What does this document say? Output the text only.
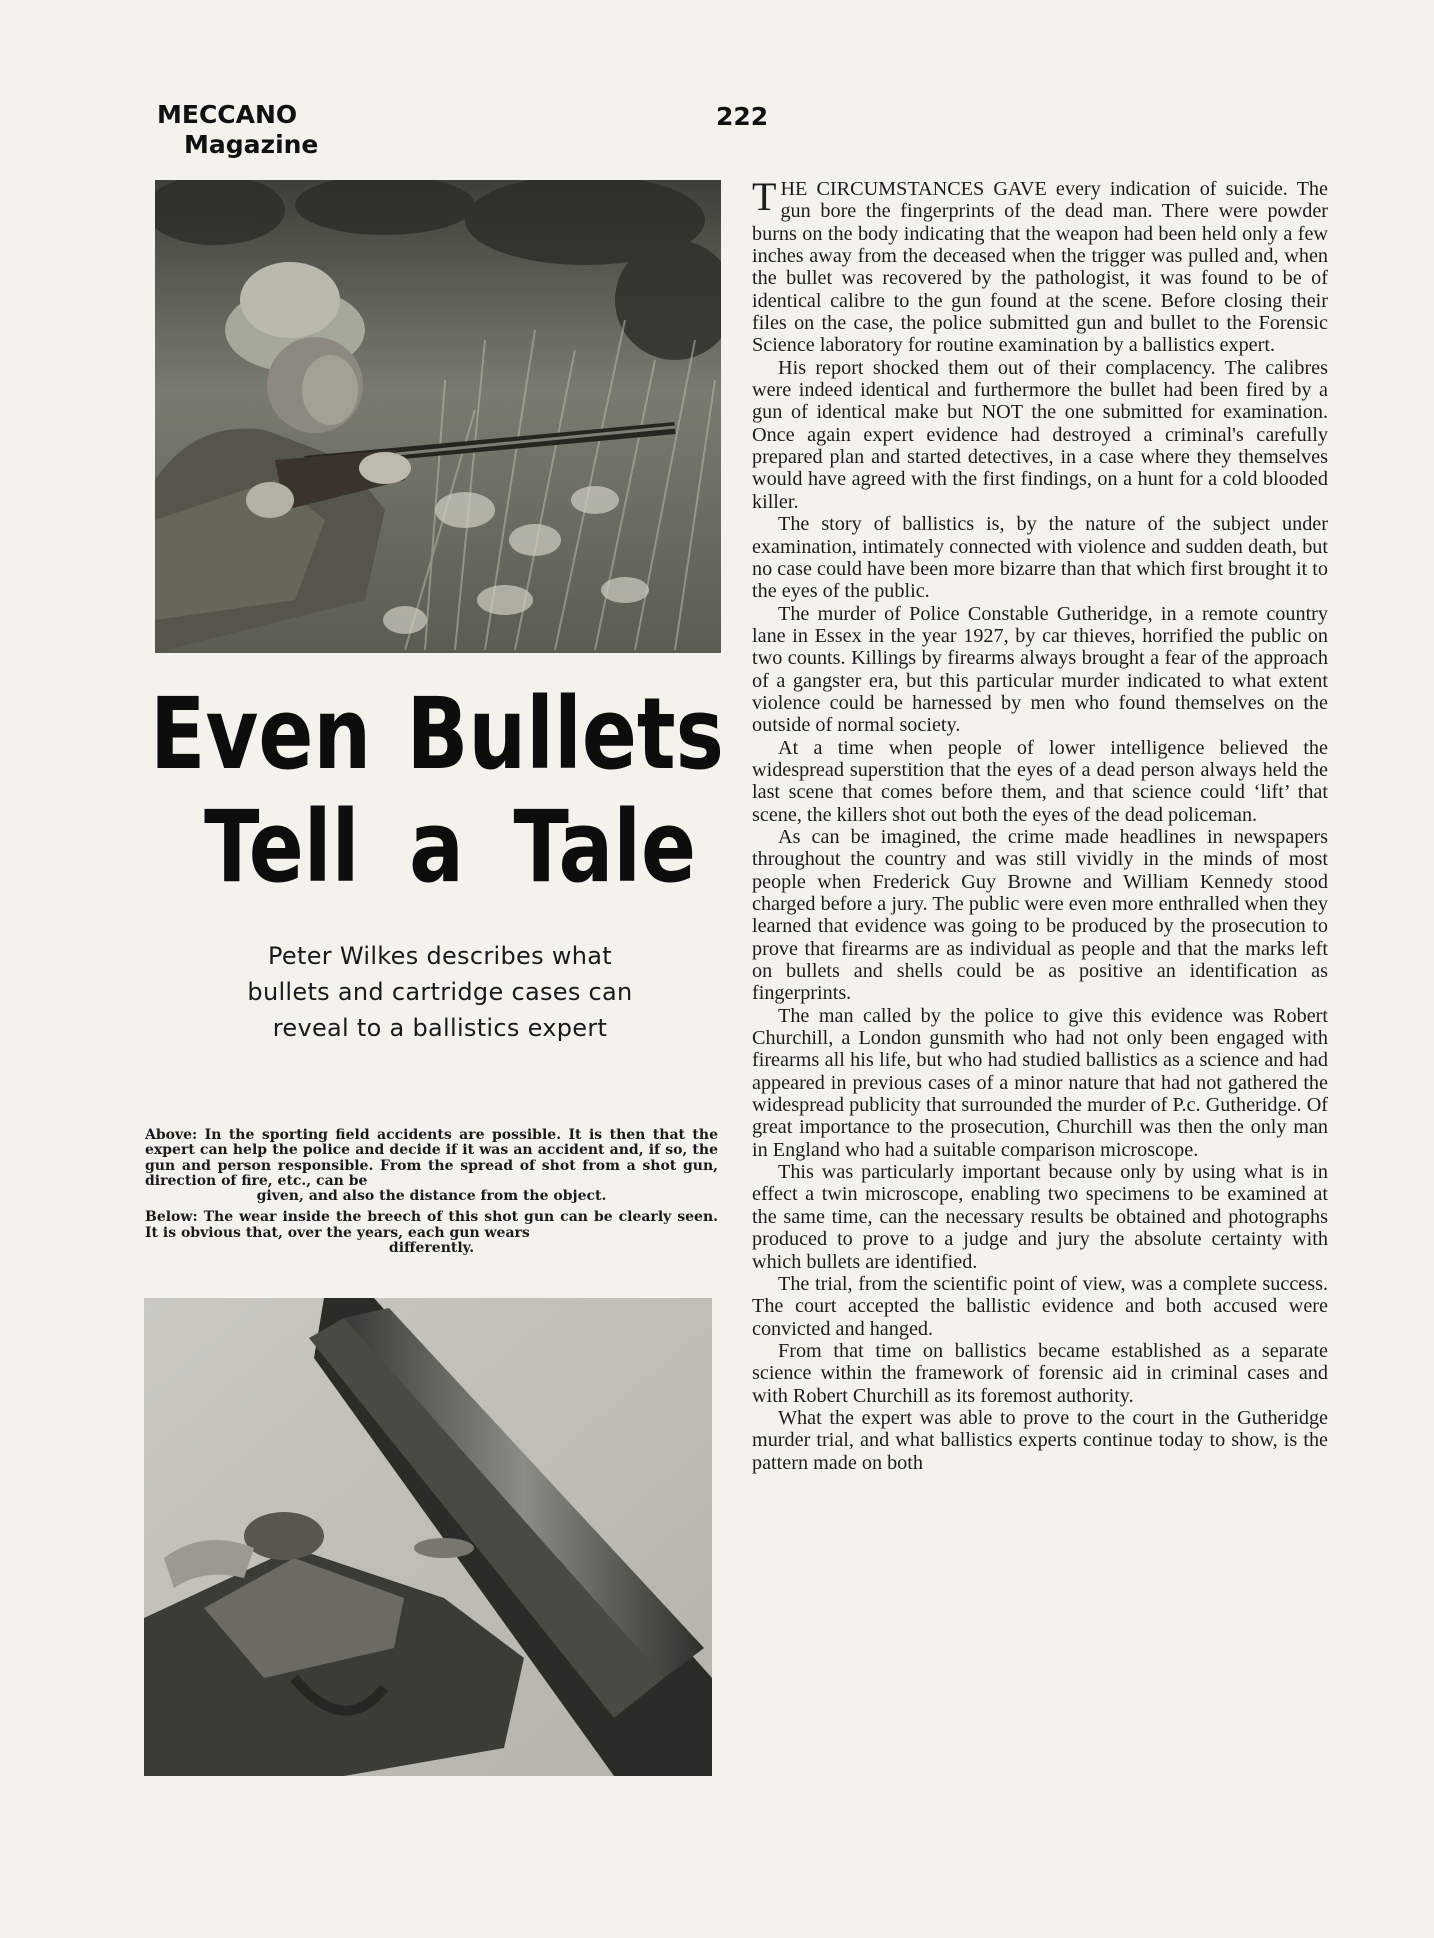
MECCANO
Magazine
222
Even Bullets
Tell a Tale
Peter Wilkes describes what bullets and cartridge cases can reveal to a ballistics expert

Above: In the sporting field accidents are possible. It is then that the expert can help the police and decide if it was an accident and, if so, the gun and person responsible. From the spread of shot from a shot gun, direction of fire, etc., can be
given, and also the distance from the object.

Below: The wear inside the breech of this shot gun can be clearly seen. It is obvious that, over the years, each gun wears
differently.

THE CIRCUMSTANCES GAVE every indication of suicide. The gun bore the fingerprints of the dead man. There were powder burns on the body indicating that the weapon had been held only a few inches away from the deceased when the trigger was pulled and, when the bullet was recovered by the pathologist, it was found to be of identical calibre to the gun found at the scene. Before closing their files on the case, the police submitted gun and bullet to the Forensic Science laboratory for routine examination by a ballistics expert.

His report shocked them out of their complacency. The calibres were indeed identical and furthermore the bullet had been fired by a gun of identical make but NOT the one submitted for examination. Once again expert evidence had destroyed a criminal's carefully prepared plan and started detectives, in a case where they themselves would have agreed with the first findings, on a hunt for a cold blooded killer.

The story of ballistics is, by the nature of the subject under examination, intimately connected with violence and sudden death, but no case could have been more bizarre than that which first brought it to the eyes of the public.

The murder of Police Constable Gutheridge, in a remote country lane in Essex in the year 1927, by car thieves, horrified the public on two counts. Killings by firearms always brought a fear of the approach of a gangster era, but this particular murder indicated to what extent violence could be harnessed by men who found themselves on the outside of normal society.

At a time when people of lower intelligence believed the widespread superstition that the eyes of a dead person always held the last scene that comes before them, and that science could ‘lift’ that scene, the killers shot out both the eyes of the dead policeman.

As can be imagined, the crime made headlines in newspapers throughout the country and was still vividly in the minds of most people when Frederick Guy Browne and William Kennedy stood charged before a jury. The public were even more enthralled when they learned that evidence was going to be produced by the prosecution to prove that firearms are as individual as people and that the marks left on bullets and shells could be as positive an identification as fingerprints.

The man called by the police to give this evidence was Robert Churchill, a London gunsmith who had not only been engaged with firearms all his life, but who had studied ballistics as a science and had appeared in previous cases of a minor nature that had not gathered the widespread publicity that surrounded the murder of P.c. Gutheridge. Of great importance to the prosecution, Churchill was then the only man in England who had a suitable comparison microscope.

This was particularly important because only by using what is in effect a twin microscope, enabling two specimens to be examined at the same time, can the necessary results be obtained and photographs produced to prove to a judge and jury the absolute certainty with which bullets are identified.

The trial, from the scientific point of view, was a complete success. The court accepted the ballistic evidence and both accused were convicted and hanged.

From that time on ballistics became established as a separate science within the framework of forensic aid in criminal cases and with Robert Churchill as its foremost authority.

What the expert was able to prove to the court in the Gutheridge murder trial, and what ballistics experts continue today to show, is the pattern made on both
